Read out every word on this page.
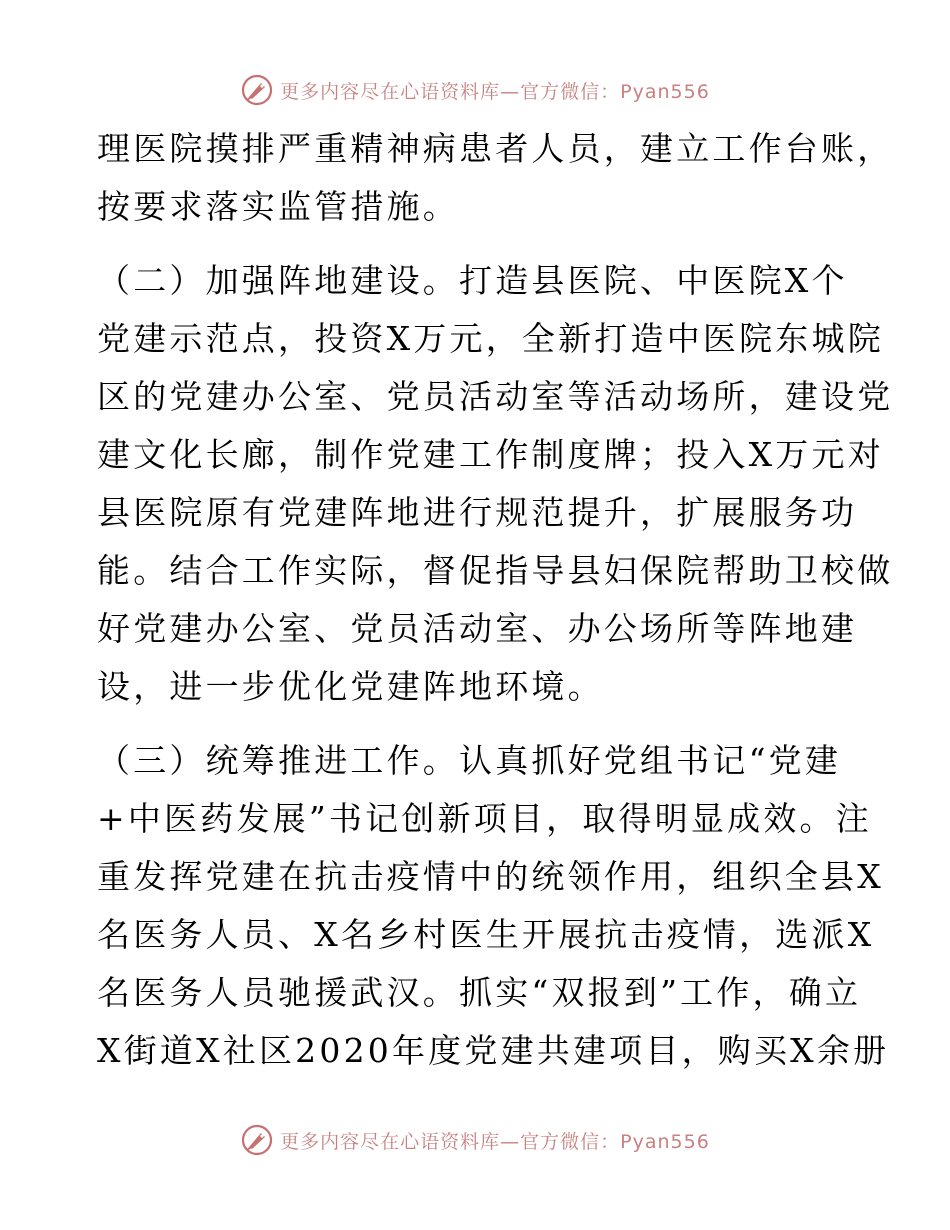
更多内容尽在心语资料库—官方微信：Pyan556
理医院摸排严重精神病患者人员，建立工作台账，
按要求落实监管措施。
（二）加强阵地建设。打造县医院、中医院X个
党建示范点，投资X万元，全新打造中医院东城院
区的党建办公室、党员活动室等活动场所，建设党
建文化长廊，制作党建工作制度牌；投入X万元对
县医院原有党建阵地进行规范提升，扩展服务功
能。结合工作实际，督促指导县妇保院帮助卫校做
好党建办公室、党员活动室、办公场所等阵地建
设，进一步优化党建阵地环境。
（三）统筹推进工作。认真抓好党组书记“党建
+中医药发展”书记创新项目，取得明显成效。注
重发挥党建在抗击疫情中的统领作用，组织全县X
名医务人员、X名乡村医生开展抗击疫情，选派X
名医务人员驰援武汉。抓实“双报到”工作，确立
X街道X社区2020年度党建共建项目，购买X余册
更多内容尽在心语资料库—官方微信：Pyan556
